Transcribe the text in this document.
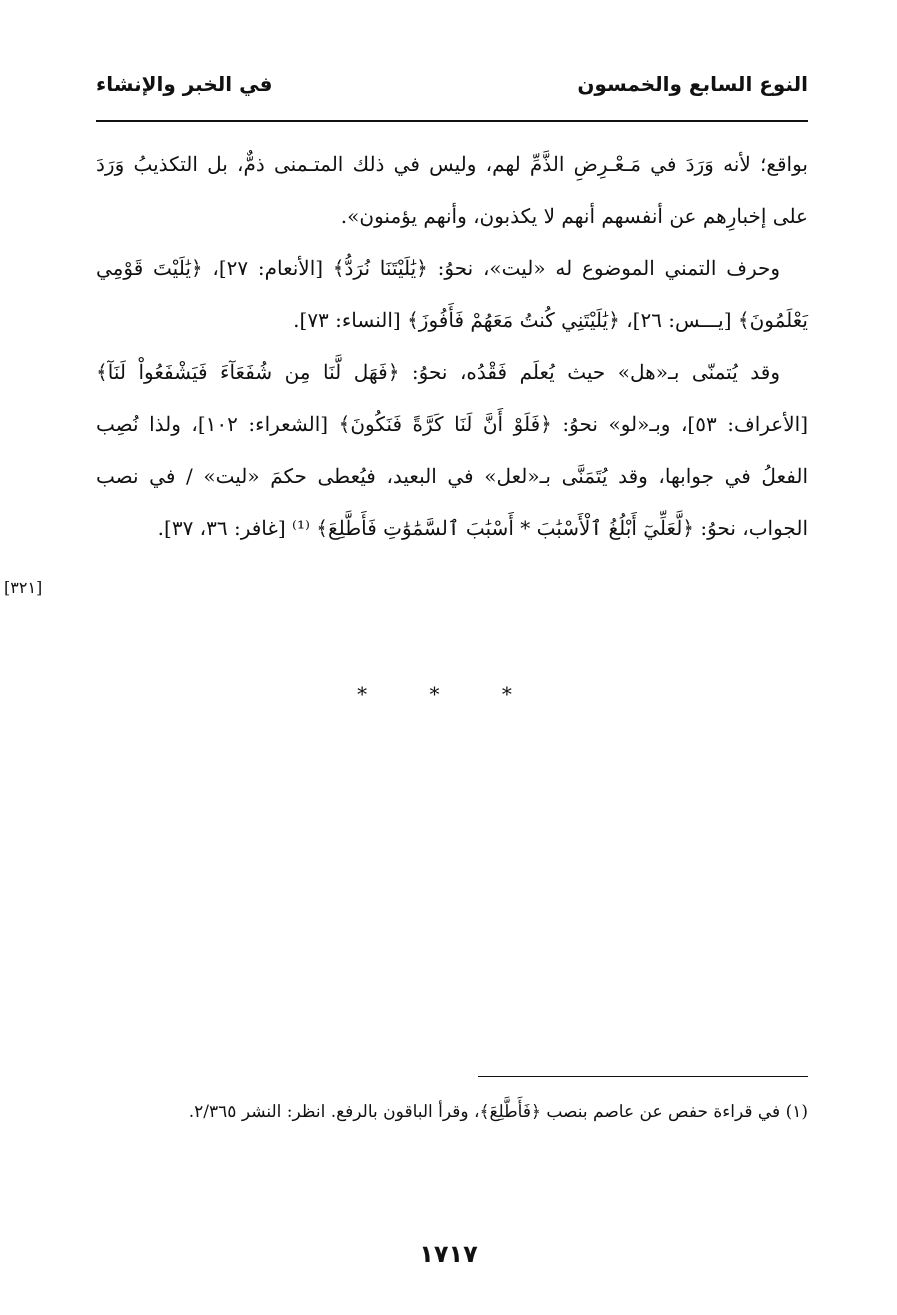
النوع السابع والخمسون
في الخبر والإنشاء

بواقع؛ لأنه وَرَدَ في مَـعْـرِضِ الذَّمِّ لهم، وليس في ذلك المتـمنى ذمٌّ، بل التكذيبُ وَرَدَ على إخبارِهم عن أنفسهم أنهم لا يكذبون، وأنهم يؤمنون».

وحرف التمني الموضوع له «ليت»، نحوُ: ﴿يَٰلَيْتَنَا نُرَدُّ﴾ [الأنعام: ٢٧]، ﴿يَٰلَيْتَ قَوْمِي يَعْلَمُونَ﴾ [يـــس: ٢٦]، ﴿يَٰلَيْتَنِي كُنتُ مَعَهُمْ فَأَفُوزَ﴾ [النساء: ٧٣].

وقد يُتمنّى بـ«هل» حيث يُعلَم فَقْدُه، نحوُ: ﴿فَهَل لَّنَا مِن شُفَعَآءَ فَيَشْفَعُواْ لَنَآ﴾ [الأعراف: ٥٣]، وبـ«لو» نحوُ: ﴿فَلَوْ أَنَّ لَنَا كَرَّةً فَنَكُونَ﴾ [الشعراء: ١٠٢]، ولذا نُصِب الفعلُ في جوابها، وقد يُتَمَنَّى بـ«لعل» في البعيد، فيُعطى حكمَ «ليت» / في نصب الجواب، نحوُ: ﴿لَّعَلِّيٓ أَبْلُغُ ٱلْأَسْبَٰبَ * أَسْبَٰبَ ٱلسَّمَٰوَٰتِ فَأَطَّلِعَ﴾ ⁽¹⁾ [غافر: ٣٦، ٣٧].

[٣٢١]
* * *

(١) في قراءة حفص عن عاصم بنصب ﴿فَأَطَّلِعَ﴾، وقرأ الباقون بالرفع. انظر: النشر ٢/٣٦٥.

١٧١٧
